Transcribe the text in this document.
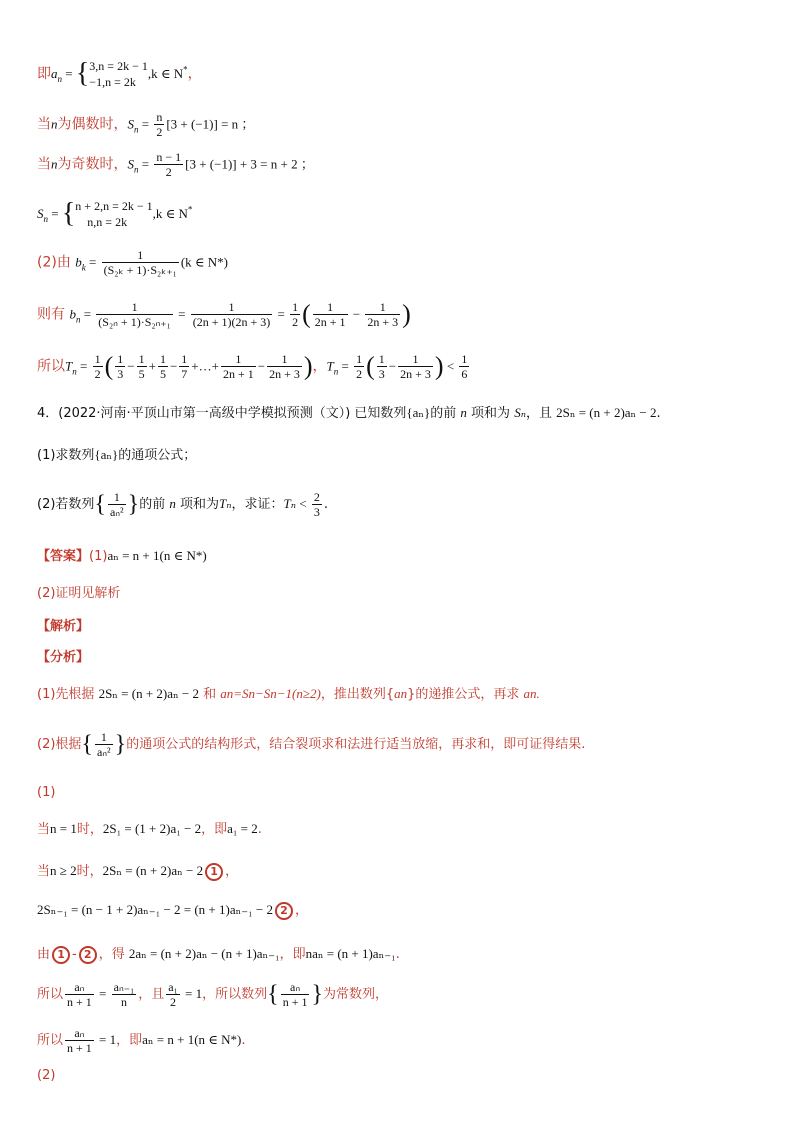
即$a_n$ = { 3,n = 2k − 1
−1,n = 2k
,k ∈ N*，
当n为偶数时，$S_n = \frac{n}{2} [3 + (-1)] = n$ ；
当n为奇数时，$S_n = \frac{n - 1}{2} [3 + (-1)] + 3 = n + 2$ ；
$S_n$ = { n + 2,n = 2k − 1
n,n = 2k
,k ∈ N*
(2)由 $b_k = \frac{1}{\text{(S₂ₖ + 1)·S₂ₖ₊₁}} (k$ ∈ N*)
则有 $b_n = \frac{1}{\text{(S₂ₙ + 1)·S₂ₙ₊₁}} = \frac{1}{(2n + 1)(2n + 3)} = \frac{1}{2}$ ( $\frac{1}{2n + 1} - \frac{1}{2n + 3}$ )
所以$T_n = \frac{1}{2}$ ( $\frac{1}{3} - \frac{1}{5} + \frac{1}{5} - \frac{1}{7}$ +…+ $\frac{1}{2n + 1} - \frac{1}{2n + 3}$ )，$T_n = \frac{1}{2}$ ( $\frac{1}{3} - \frac{1}{2n + 3}$ ) < $\frac{1}{6}$
4．(2022·河南·平顶山市第一高级中学模拟预测（文）) 已知数列{aₙ}的前 n 项和为 Sₙ，且 2Sₙ = (n + 2)aₙ − 2.
(1)求数列{aₙ}的通项公式；
(2)若数列{ $\frac{1}{\text{aₙ²}}$ }的前 n 项和为Tₙ，求证：$T_n < \frac{2}{3}$ .
【答案】(1)aₙ = n + 1(n ∈ N*)
(2)证明见解析
【解析】
【分析】
(1)先根据 2Sₙ = (n + 2)aₙ − 2 和 an=Sn−Sn−1(n≥2)，推出数列{an}的递推公式，再求 an.
(2)根据{ $\frac{1}{\text{aₙ²}}$ }的通项公式的结构形式，结合裂项求和法进行适当放缩，再求和，即可证得结果.
(1)
当n = 1时，2S₁ = (1 + 2)a₁ − 2，即a₁ = 2.
当n ≥ 2时，2Sₙ = (n + 2)aₙ − 2 1 ，
2Sₙ₋₁ = (n − 1 + 2)aₙ₋₁ − 2 = (n + 1)aₙ₋₁ − 2 2 ，
由 1 - 2 ，得 2aₙ = (n + 2)aₙ − (n + 1)aₙ₋₁，即naₙ = (n + 1)aₙ₋₁.
所以 $\frac{\text{aₙ}}{n + 1} = \frac{\text{aₙ₋₁}}{n}$ ，且 $\frac{\text{a₁}}{2} = 1$，所以数列{ $\frac{\text{aₙ}}{n + 1}$ }为常数列，
所以 $\frac{\text{aₙ}}{n + 1} = 1$，即aₙ = n + 1(n ∈ N*).
(2)
